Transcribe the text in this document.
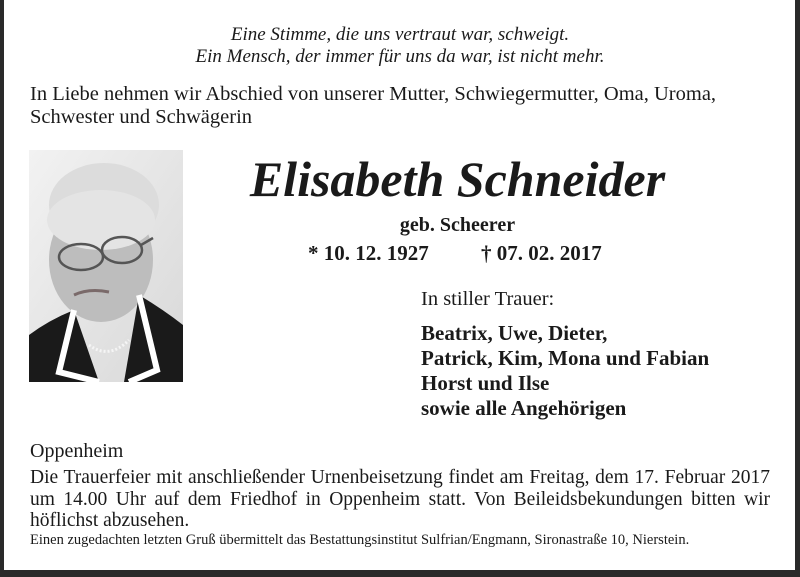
Eine Stimme, die uns vertraut war, schweigt.
Ein Mensch, der immer für uns da war, ist nicht mehr.
In Liebe nehmen wir Abschied von unserer Mutter, Schwiegermutter, Oma, Uroma,
Schwester und Schwägerin
Elisabeth Schneider
geb. Scheerer
* 10. 12. 1927 † 07. 02. 2017
In stiller Trauer:
Beatrix, Uwe, Dieter,
Patrick, Kim, Mona und Fabian
Horst und Ilse
sowie alle Angehörigen
Oppenheim
Die Trauerfeier mit anschließender Urnenbeisetzung findet am Freitag, dem 17. Februar 2017 um 14.00 Uhr auf dem Friedhof in Oppenheim statt. Von Beileidsbekundungen bitten wir höflichst abzusehen.
Einen zugedachten letzten Gruß übermittelt das Bestattungsinstitut Sulfrian/Engmann, Sironastraße 10, Nierstein.
